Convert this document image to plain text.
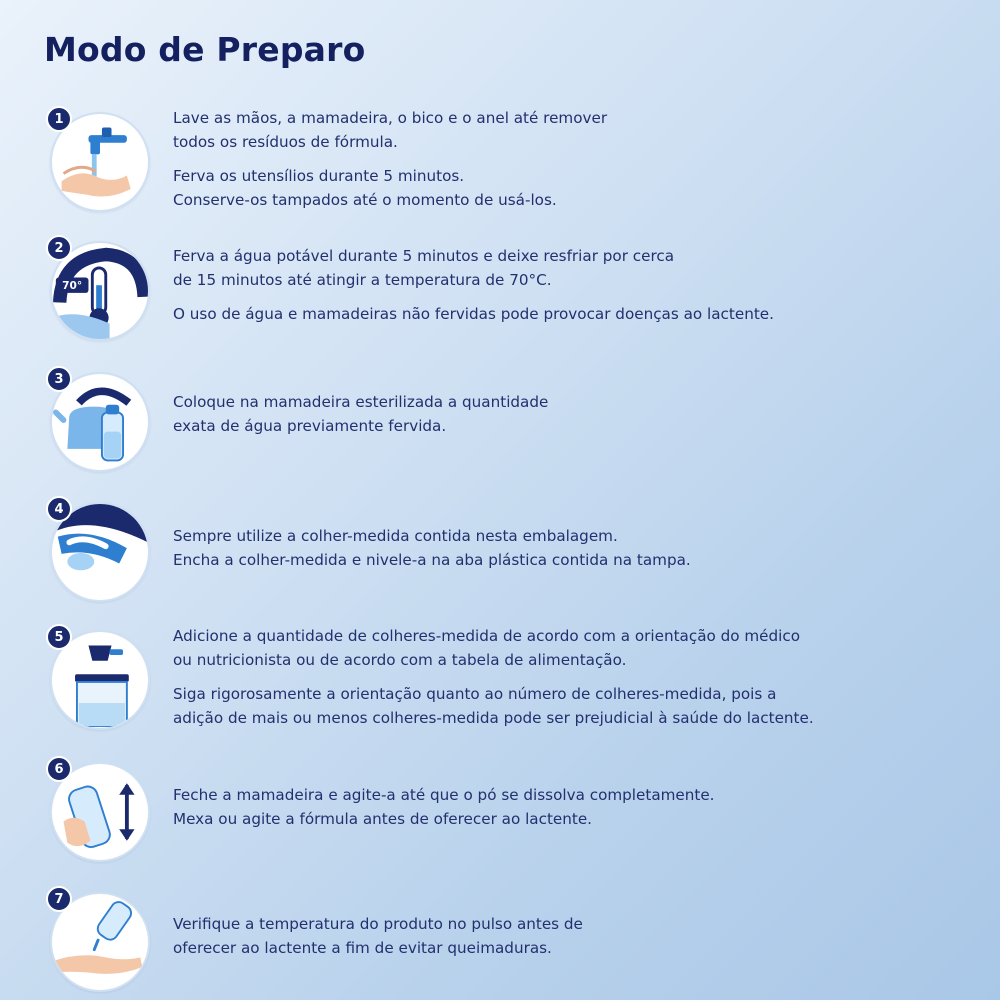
Modo de Preparo
1	Lave as mãos, a mamadeira, o bico e o anel até remover
todos os resíduos de fórmula.
Ferva os utensílios durante 5 minutos.
Conserve-os tampados até o momento de usá-los.
2
70°
Ferva a água potável durante 5 minutos e deixe resfriar por cerca
de 15 minutos até atingir a temperatura de 70°C.
O uso de água e mamadeiras não fervidas pode provocar doenças ao lactente.
3
Coloque na mamadeira esterilizada a quantidade
exata de água previamente fervida.
4
Sempre utilize a colher-medida contida nesta embalagem.
Encha a colher-medida e nivele-a na aba plástica contida na tampa.
5	Adicione a quantidade de colheres-medida de acordo com a orientação do médico
ou nutricionista ou de acordo com a tabela de alimentação.
Siga rigorosamente a orientação quanto ao número de colheres-medida, pois a
adição de mais ou menos colheres-medida pode ser prejudicial à saúde do lactente.
6
Feche a mamadeira e agite-a até que o pó se dissolva completamente.
Mexa ou agite a fórmula antes de oferecer ao lactente.
7
Verifique a temperatura do produto no pulso antes de
oferecer ao lactente a fim de evitar queimaduras.
